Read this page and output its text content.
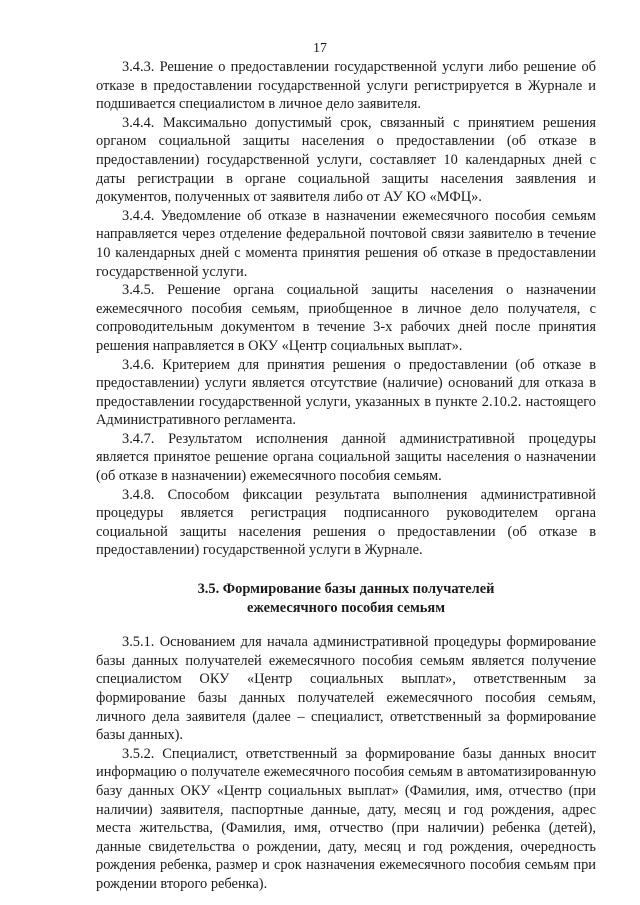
17

3.4.3. Решение о предоставлении государственной услуги либо решение об отказе в предоставлении государственной услуги регистрируется в Журнале и подшивается специалистом в личное дело заявителя.

3.4.4. Максимально допустимый срок, связанный с принятием решения органом социальной защиты населения о предоставлении (об отказе в предоставлении) государственной услуги, составляет 10 календарных дней с даты регистрации в органе социальной защиты населения заявления и документов, полученных от заявителя либо от АУ КО «МФЦ».

3.4.4. Уведомление об отказе в назначении ежемесячного пособия семьям направляется через отделение федеральной почтовой связи заявителю в течение 10 календарных дней с момента принятия решения об отказе в предоставлении государственной услуги.

3.4.5. Решение органа социальной защиты населения о назначении ежемесячного пособия семьям, приобщенное в личное дело получателя, с сопроводительным документом в течение 3-х рабочих дней после принятия решения направляется в ОКУ «Центр социальных выплат».

3.4.6. Критерием для принятия решения о предоставлении (об отказе в предоставлении) услуги является отсутствие (наличие) оснований для отказа в предоставлении государственной услуги, указанных в пункте 2.10.2. настоящего Административного регламента.

3.4.7. Результатом исполнения данной административной процедуры является принятое решение органа социальной защиты населения о назначении (об отказе в назначении) ежемесячного пособия семьям.

3.4.8. Способом фиксации результата выполнения административной процедуры является регистрация подписанного руководителем органа социальной защиты населения решения о предоставлении (об отказе в предоставлении) государственной услуги в Журнале.

3.5. Формирование базы данных получателей
ежемесячного пособия семьям

3.5.1. Основанием для начала административной процедуры формирование базы данных получателей ежемесячного пособия семьям является получение специалистом ОКУ «Центр социальных выплат», ответственным за формирование базы данных получателей ежемесячного пособия семьям, личного дела заявителя (далее – специалист, ответственный за формирование базы данных).

3.5.2. Специалист, ответственный за формирование базы данных вносит информацию о получателе ежемесячного пособия семьям в автоматизированную базу данных ОКУ «Центр социальных выплат» (Фамилия, имя, отчество (при наличии) заявителя, паспортные данные, дату, месяц и год рождения, адрес места жительства, (Фамилия, имя, отчество (при наличии) ребенка (детей), данные свидетельства о рождении, дату, месяц и год рождения, очередность рождения ребенка, размер и срок назначения ежемесячного пособия семьям при рождении второго ребенка).
